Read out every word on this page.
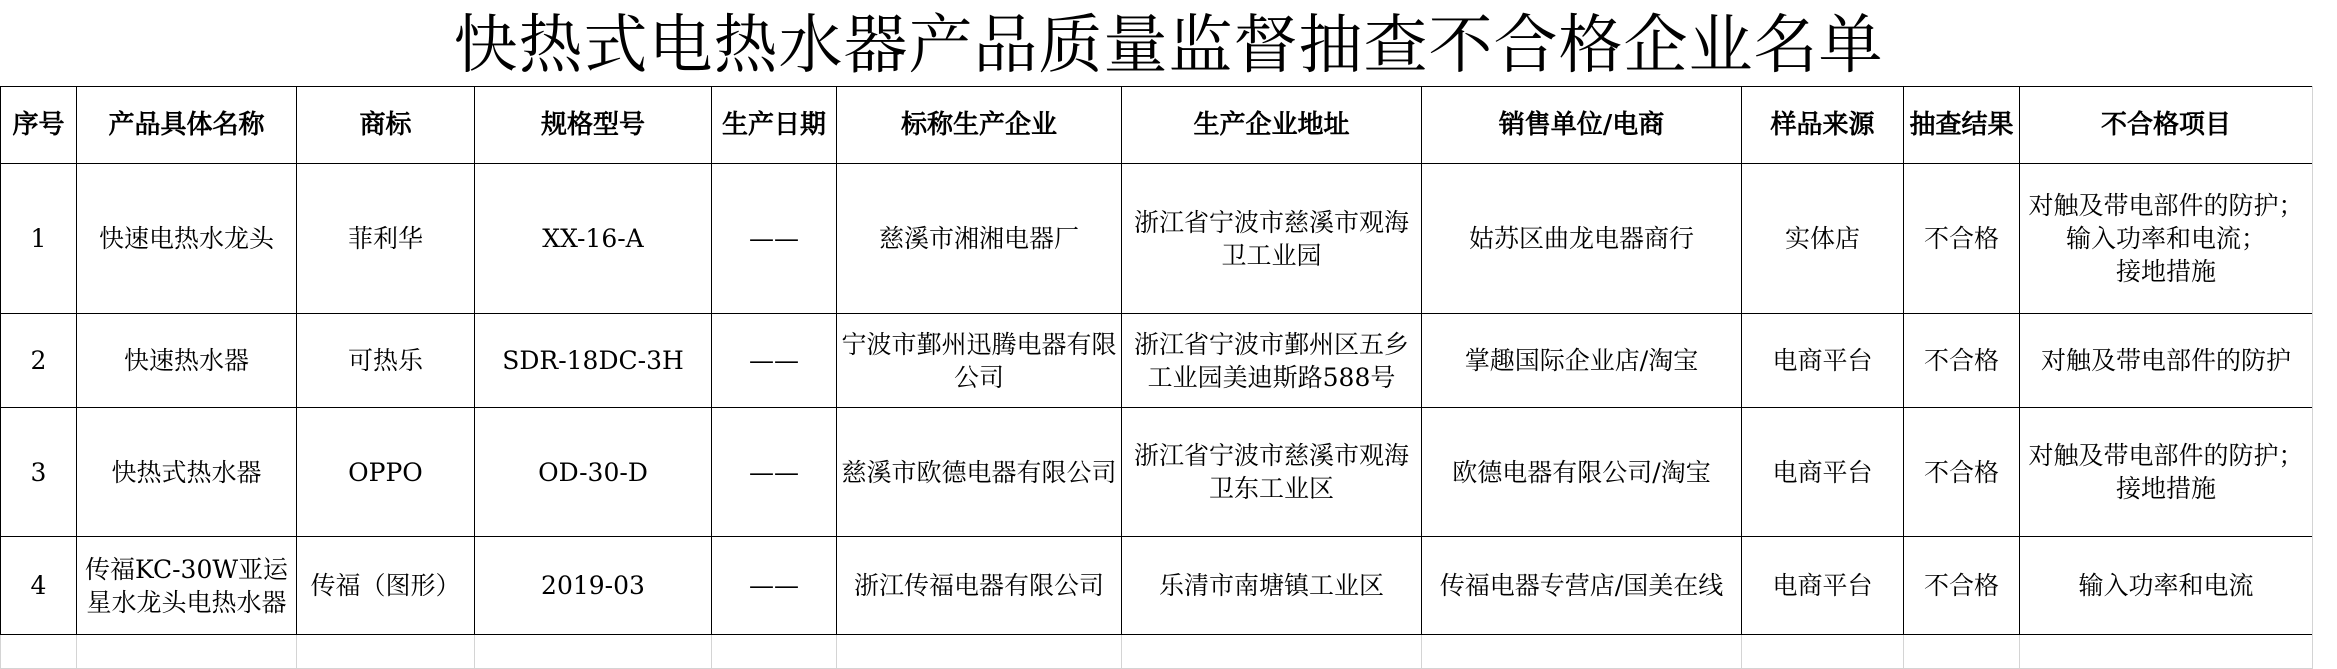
快热式电热水器产品质量监督抽查不合格企业名单
序号	产品具体名称	商标	规格型号	生产日期	标称生产企业	生产企业地址	销售单位/电商	样品来源	抽查结果	不合格项目
1	快速电热水龙头	菲利华	XX-16-A	——	慈溪市湘湘电器厂	浙江省宁波市慈溪市观海卫工业园	姑苏区曲龙电器商行	实体店	不合格	对触及带电部件的防护；
输入功率和电流；
接地措施

2	快速热水器	可热乐	SDR-18DC-3H	——	宁波市鄞州迅腾电器有限公司	浙江省宁波市鄞州区五乡工业园美迪斯路588号	掌趣国际企业店/淘宝	电商平台	不合格	对触及带电部件的防护

3	快热式热水器	OPPO	OD-30-D	——	慈溪市欧德电器有限公司	浙江省宁波市慈溪市观海卫东工业区	欧德电器有限公司/淘宝	电商平台	不合格	对触及带电部件的防护；
接地措施

4	传福KC-30W亚运星水龙头电热水器	传福（图形）	2019-03	——	浙江传福电器有限公司	乐清市南塘镇工业区	传福电器专营店/国美在线	电商平台	不合格	输入功率和电流
